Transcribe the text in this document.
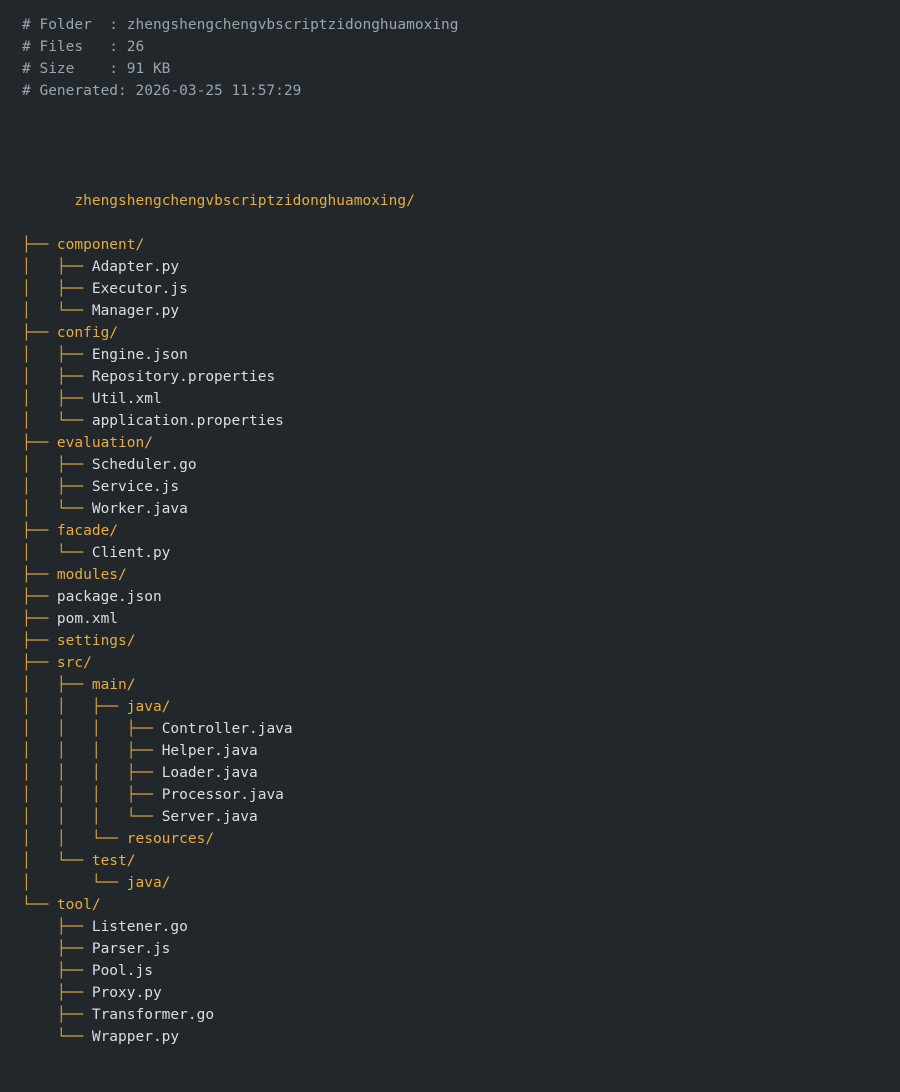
# Folder  : zhengshengchengvbscriptzidonghuamoxing
# Files   : 26
# Size    : 91 KB
# Generated: 2026-03-25 11:57:29

zhengshengchengvbscriptzidonghuamoxing/

├── component/
│   ├── Adapter.py
│   ├── Executor.js
│   └── Manager.py
├── config/
│   ├── Engine.json
│   ├── Repository.properties
│   ├── Util.xml
│   └── application.properties
├── evaluation/
│   ├── Scheduler.go
│   ├── Service.js
│   └── Worker.java
├── facade/
│   └── Client.py
├── modules/
├── package.json
├── pom.xml
├── settings/
├── src/
│   ├── main/
│   │   ├── java/
│   │   │   ├── Controller.java
│   │   │   ├── Helper.java
│   │   │   ├── Loader.java
│   │   │   ├── Processor.java
│   │   │   └── Server.java
│   │   └── resources/
│   └── test/
│       └── java/
└── tool/
├── Listener.go
├── Parser.js
├── Pool.js
├── Proxy.py
├── Transformer.go
└── Wrapper.py
